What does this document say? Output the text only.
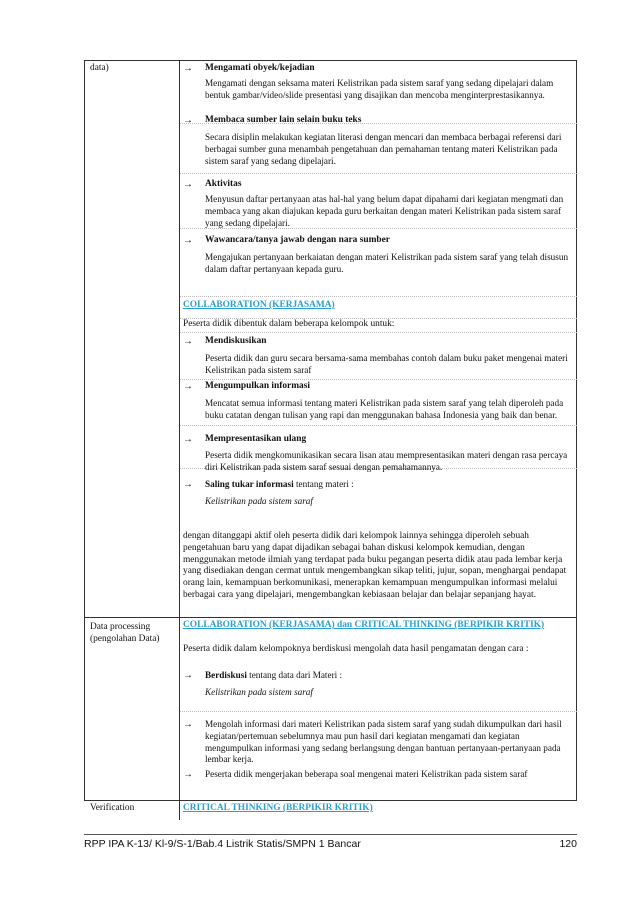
data)
Data processing (pengolahan Data)
Verification
→ Mengamati obyek/kejadian
Mengamati dengan seksama materi Kelistrikan pada sistem saraf yang sedang dipelajari dalam bentuk gambar/video/slide presentasi yang disajikan dan mencoba menginterprestasikannya.
→ Membaca sumber lain selain buku teks
Secara disiplin melakukan kegiatan literasi dengan mencari dan membaca berbagai referensi dari berbagai sumber guna menambah pengetahuan dan pemahaman tentang materi Kelistrikan pada sistem saraf yang sedang dipelajari.
→ Aktivitas
Menyusun daftar pertanyaan atas hal-hal yang belum dapat dipahami dari kegiatan mengmati dan membaca yang akan diajukan kepada guru berkaitan dengan materi Kelistrikan pada sistem saraf yang sedang dipelajari.
→ Wawancara/tanya jawab dengan nara sumber
Mengajukan pertanyaan berkaiatan dengan materi Kelistrikan pada sistem saraf yang telah disusun dalam daftar pertanyaan kepada guru.
COLLABORATION (KERJASAMA)
Peserta didik dibentuk dalam beberapa kelompok untuk:
→ Mendiskusikan
Peserta didik dan guru secara bersama-sama membahas contoh dalam buku paket mengenai materi Kelistrikan pada sistem saraf
→ Mengumpulkan informasi
Mencatat semua informasi tentang materi Kelistrikan pada sistem saraf yang telah diperoleh pada buku catatan dengan tulisan yang rapi dan menggunakan bahasa Indonesia yang baik dan benar.
→ Mempresentasikan ulang
Peserta didik mengkomunikasikan secara lisan atau mempresentasikan materi dengan rasa percaya diri Kelistrikan pada sistem saraf sesuai dengan pemahamannya.
→ Saling tukar informasi tentang materi :
Kelistrikan pada sistem saraf
dengan ditanggapi aktif oleh peserta didik dari kelompok lainnya sehingga diperoleh sebuah pengetahuan baru yang dapat dijadikan sebagai bahan diskusi kelompok kemudian, dengan menggunakan metode ilmiah yang terdapat pada buku pegangan peserta didik atau pada lembar kerja yang disediakan dengan cermat untuk mengembangkan sikap teliti, jujur, sopan, menghargai pendapat orang lain, kemampuan berkomunikasi, menerapkan kemampuan mengumpulkan informasi melalui berbagai cara yang dipelajari, mengembangkan kebiasaan belajar dan belajar sepanjang hayat.
COLLABORATION (KERJASAMA) dan CRITICAL THINKING (BERPIKIR KRITIK)
Peserta didik dalam kelompoknya berdiskusi mengolah data hasil pengamatan dengan cara :
→ Berdiskusi tentang data dari Materi :
Kelistrikan pada sistem saraf
→ Mengolah informasi dari materi Kelistrikan pada sistem saraf yang sudah dikumpulkan dari hasil kegiatan/pertemuan sebelumnya mau pun hasil dari kegiatan mengamati dan kegiatan mengumpulkan informasi yang sedang berlangsung dengan bantuan pertanyaan-pertanyaan pada lembar kerja.
→ Peserta didik mengerjakan beberapa soal mengenai materi Kelistrikan pada sistem saraf
CRITICAL THINKING (BERPIKIR KRITIK)
RPP IPA K-13/ Kl-9/S-1/Bab.4 Listrik Statis/SMPN 1 Bancar	120
